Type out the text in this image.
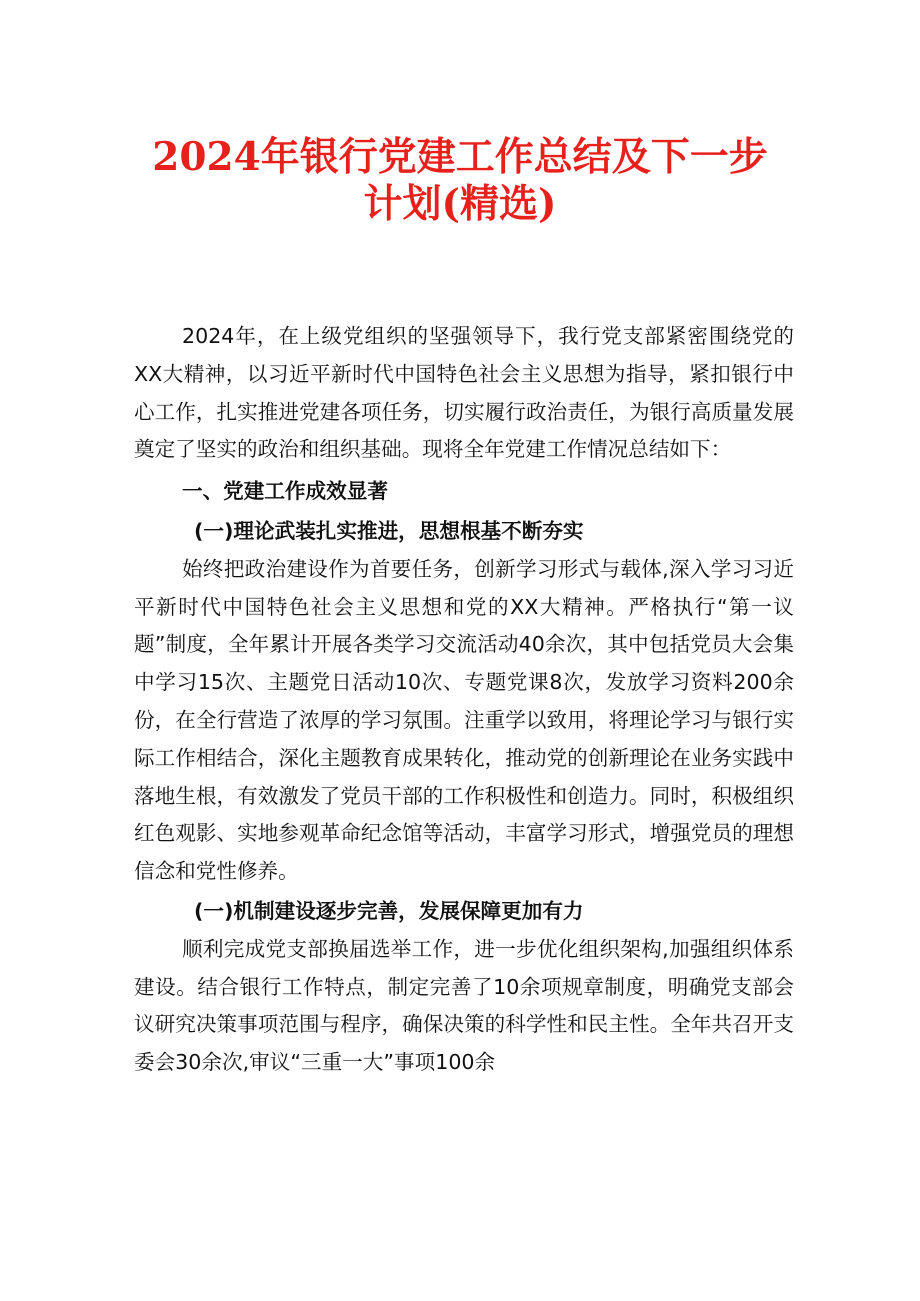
2024年银行党建工作总结及下一步
计划(精选)

2024年，在上级党组织的坚强领导下，我行党支部紧密围绕党的XX大精神，以习近平新时代中国特色社会主义思想为指导，紧扣银行中心工作，扎实推进党建各项任务，切实履行政治责任，为银行高质量发展奠定了坚实的政治和组织基础。现将全年党建工作情况总结如下：

一、党建工作成效显著

(一)理论武装扎实推进，思想根基不断夯实

始终把政治建设作为首要任务，创新学习形式与载体,深入学习习近平新时代中国特色社会主义思想和党的XX大精神。严格执行“第一议题”制度，全年累计开展各类学习交流活动40余次，其中包括党员大会集中学习15次、主题党日活动10次、专题党课8次，发放学习资料200余份，在全行营造了浓厚的学习氛围。注重学以致用，将理论学习与银行实际工作相结合，深化主题教育成果转化，推动党的创新理论在业务实践中落地生根，有效激发了党员干部的工作积极性和创造力。同时，积极组织红色观影、实地参观革命纪念馆等活动，丰富学习形式，增强党员的理想信念和党性修养。

(一)机制建设逐步完善，发展保障更加有力

顺利完成党支部换届选举工作，进一步优化组织架构,加强组织体系建设。结合银行工作特点，制定完善了10余项规章制度，明确党支部会议研究决策事项范围与程序，确保决策的科学性和民主性。全年共召开支委会30余次,审议“三重一大”事项100余
